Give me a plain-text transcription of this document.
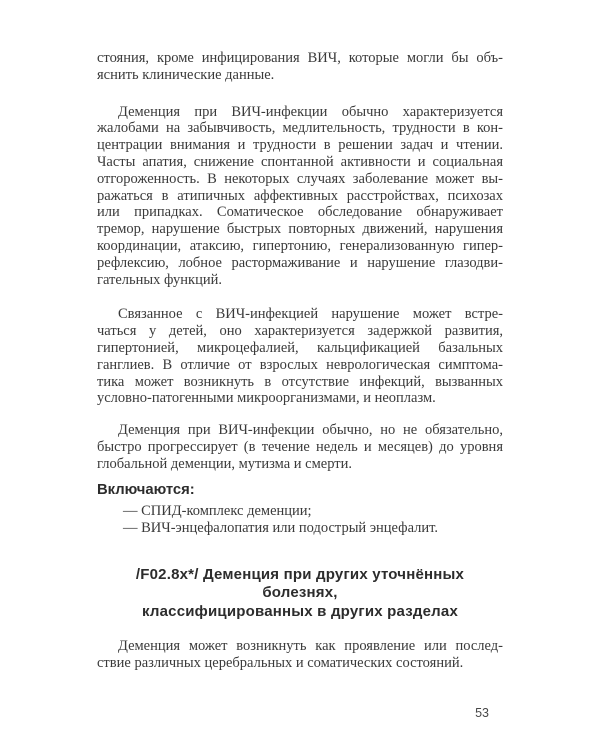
стояния, кроме инфицирования ВИЧ, которые могли бы объ-
яснить клинические данные.
Деменция при ВИЧ-инфекции обычно характеризуется
жалобами на забывчивость, медлительность, трудности в кон-
центрации внимания и трудности в решении задач и чтении.
Часты апатия, снижение спонтанной активности и социальная
отгороженность. В некоторых случаях заболевание может вы-
ражаться в атипичных аффективных расстройствах, психозах
или припадках. Соматическое обследование обнаруживает
тремор, нарушение быстрых повторных движений, нарушения
координации, атаксию, гипертонию, генерализованную гипер-
рефлексию, лобное растормаживание и нарушение глазодви-
гательных функций.
Связанное с ВИЧ-инфекцией нарушение может встре-
чаться у детей, оно характеризуется задержкой развития,
гипертонией, микроцефалией, кальцификацией базальных
ганглиев. В отличие от взрослых неврологическая симптома-
тика может возникнуть в отсутствие инфекций, вызванных
условно-патогенными микроорганизмами, и неоплазм.
Деменция при ВИЧ-инфекции обычно, но не обязательно,
быстро прогрессирует (в течение недель и месяцев) до уровня
глобальной деменции, мутизма и смерти.
Включаются:
— СПИД-комплекс деменции;
— ВИЧ-энцефалопатия или подострый энцефалит.
/F02.8x*/ Деменция при других уточнённых болезнях,
классифицированных в других разделах
Деменция может возникнуть как проявление или послед-
ствие различных церебральных и соматических состояний.
53
